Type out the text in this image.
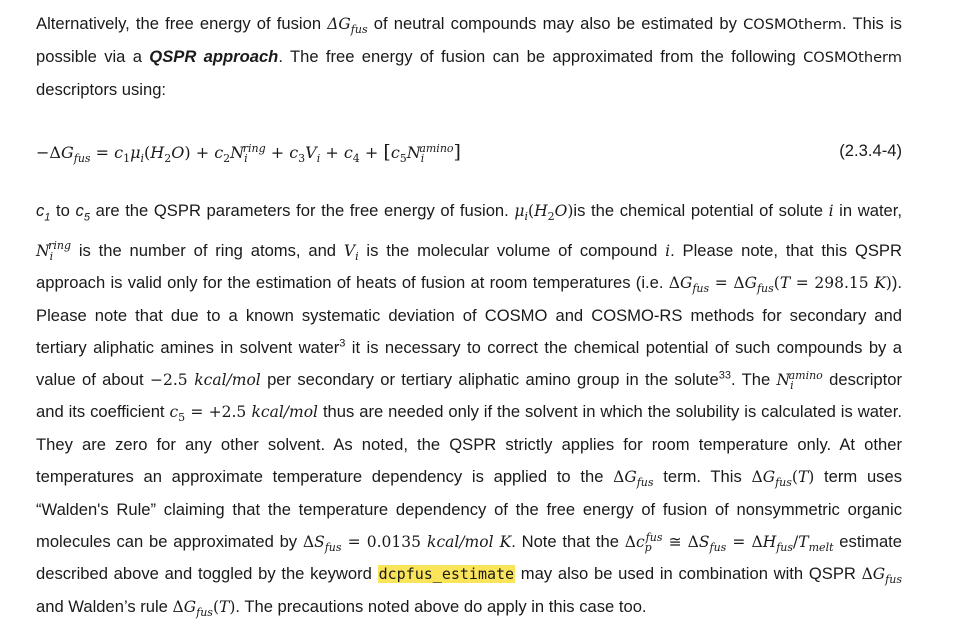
Alternatively, the free energy of fusion $\Delta G_{fus}$ of neutral compounds may also be estimated by COSMOtherm. This is possible via a QSPR approach. The free energy of fusion can be approximated from the following COSMOtherm descriptors using:

$-\Delta G_{fus} = c_1\mu_i(H_2O) + c_2N_i^{ring} + c_3V_i + c_4 + [c_5N_i^{amino}]$	(2.3.4-4)

$c_1$ to $c_5$ are the QSPR parameters for the free energy of fusion. $\mu_i(H_2O)is$ the chemical potential of solute i in water, $N_i^{ring}$ is the number of ring atoms, and $V_i$ is the molecular volume of compound i. Please note, that this QSPR approach is valid only for the estimation of heats of fusion at room temperatures (i.e. $\Delta G_{fus} = \Delta G_{fus}(T = 298.15$ K)). Please note that due to a known systematic deviation of COSMO and COSMO-RS methods for secondary and tertiary aliphatic amines in solvent water$^3$ it is necessary to correct the chemical potential of such compounds by a value of about −2.5 kcal/mol per secondary or tertiary aliphatic amino group in the solute$^{33}$. The $N_i^{amino}$ descriptor and its coefficient $c_5 = +2.5$ kcal/mol thus are needed only if the solvent in which the solubility is calculated is water. They are zero for any other solvent. As noted, the QSPR strictly applies for room temperature only. At other temperatures an approximate temperature dependency is applied to the $\Delta G_{fus}$ term. This $\Delta G_{fus}(T)$ term uses “Walden's Rule” claiming that the temperature dependency of the free energy of fusion of nonsymmetric organic molecules can be approximated by $\Delta S_{fus} = 0.0135$ kcal/mol K. Note that the $\Delta c_p^{fus}$ ≅ $\Delta S_{fus} = \Delta H_{fus}/T_{melt}$ estimate described above and toggled by the keyword dcpfus_estimate may also be used in combination with QSPR $\Delta G_{fus}$ and Walden’s rule $\Delta G_{fus}(T)$. The precautions noted above do apply in this case too.
